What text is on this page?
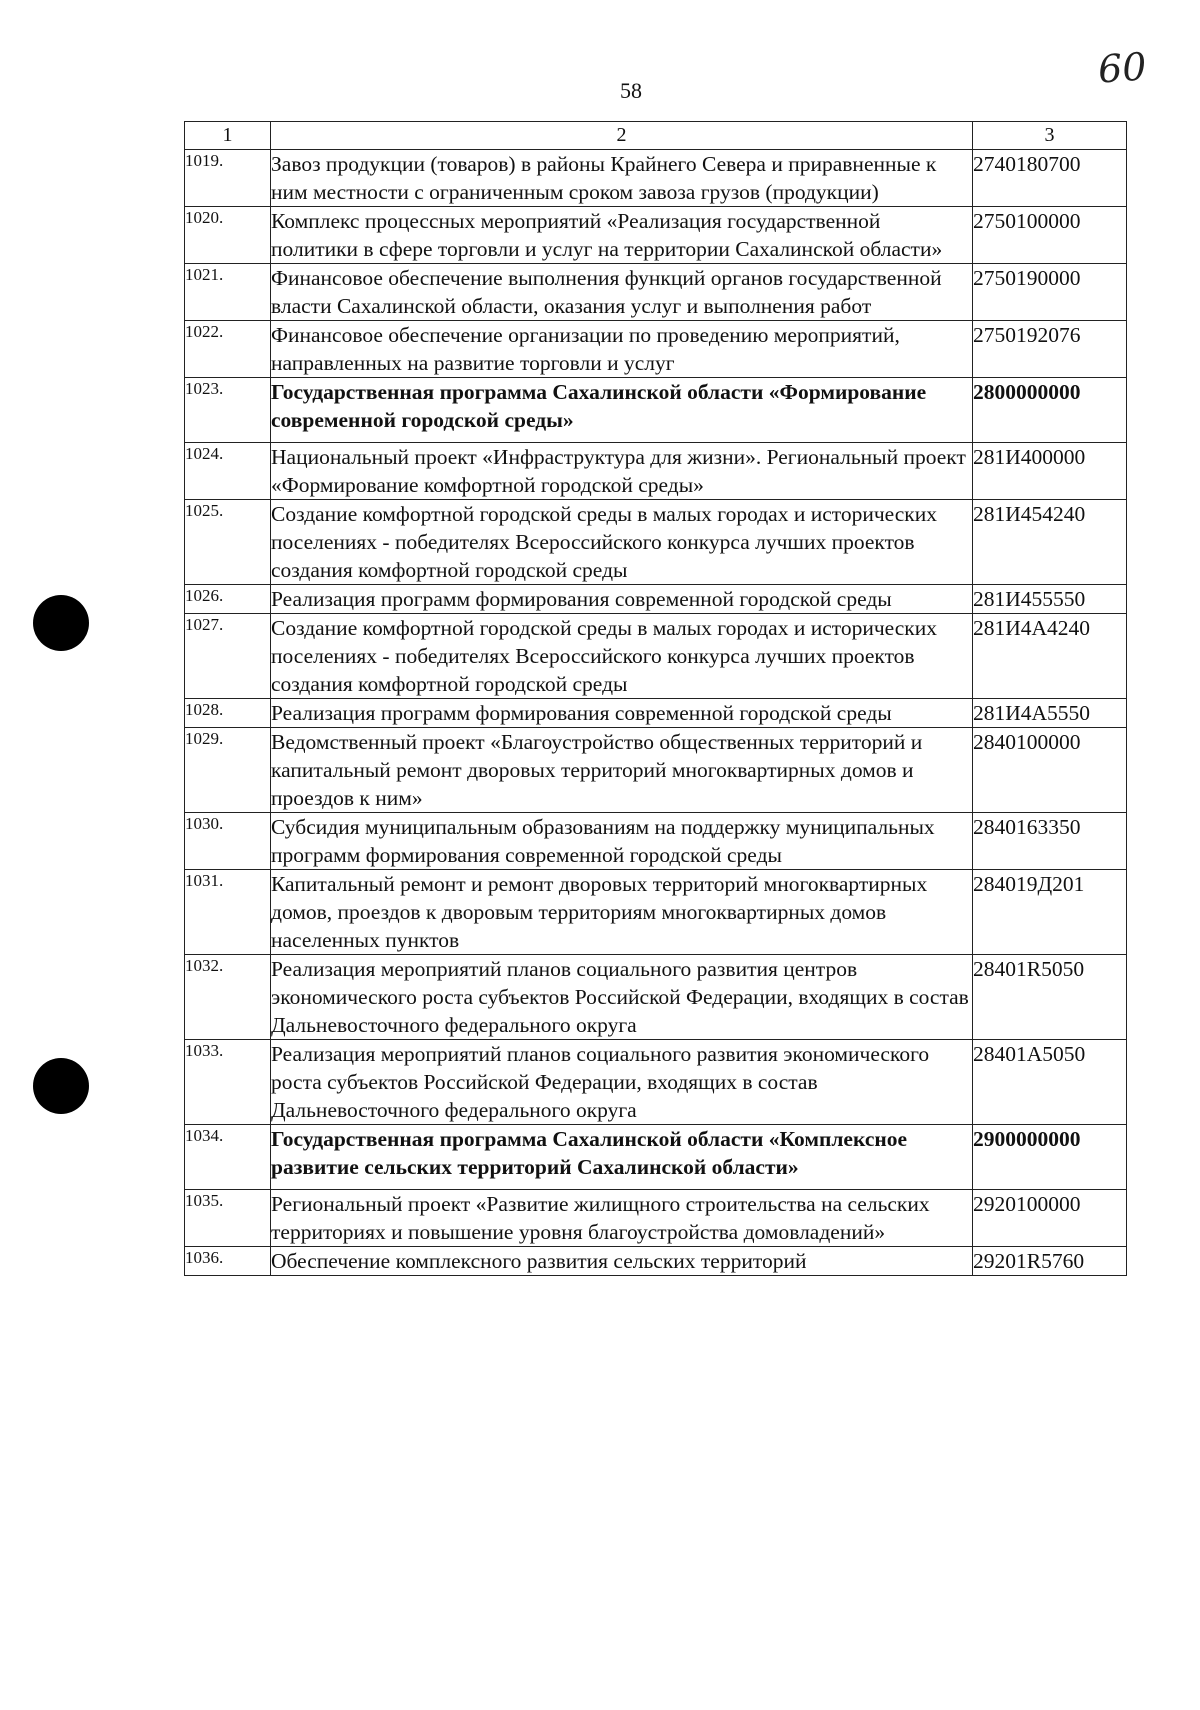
58	60
1	2	3
1019.	Завоз продукции (товаров) в районы Крайнего Севера и приравненные к ним местности с ограниченным сроком завоза грузов (продукции)	2740180700
1020.	Комплекс процессных мероприятий «Реализация государственной политики в сфере торговли и услуг на территории Сахалинской области»	2750100000
1021.	Финансовое обеспечение выполнения функций органов государственной власти Сахалинской области, оказания услуг и выполнения работ	2750190000
1022.	Финансовое обеспечение организации по проведению мероприятий, направленных на развитие торговли и услуг	2750192076
1023.	Государственная программа Сахалинской области «Формирование современной городской среды»	2800000000
1024.	Национальный проект «Инфраструктура для жизни». Региональный проект «Формирование комфортной городской среды»	281И400000
1025.	Создание комфортной городской среды в малых городах и исторических поселениях - победителях Всероссийского конкурса лучших проектов создания комфортной городской среды	281И454240
1026.	Реализация программ формирования современной городской среды	281И455550
1027.	Создание комфортной городской среды в малых городах и исторических поселениях - победителях Всероссийского конкурса лучших проектов создания комфортной городской среды	281И4А4240
1028.	Реализация программ формирования современной городской среды	281И4А5550
1029.	Ведомственный проект «Благоустройство общественных территорий и капитальный ремонт дворовых территорий многоквартирных домов и проездов к ним»	2840100000
1030.	Субсидия муниципальным образованиям на поддержку муниципальных программ формирования современной городской среды	2840163350
1031.	Капитальный ремонт и ремонт дворовых территорий многоквартирных домов, проездов к дворовым территориям многоквартирных домов населенных пунктов	284019Д201
1032.	Реализация мероприятий планов социального развития центров экономического роста субъектов Российской Федерации, входящих в состав Дальневосточного федерального округа	28401R5050
1033.	Реализация мероприятий планов социального развития экономического роста субъектов Российской Федерации, входящих в состав Дальневосточного федерального округа	28401А5050
1034.	Государственная программа Сахалинской области «Комплексное развитие сельских территорий Сахалинской области»	2900000000
1035.	Региональный проект «Развитие жилищного строительства на сельских территориях и повышение уровня благоустройства домовладений»	2920100000
1036.	Обеспечение комплексного развития сельских территорий	29201R5760
